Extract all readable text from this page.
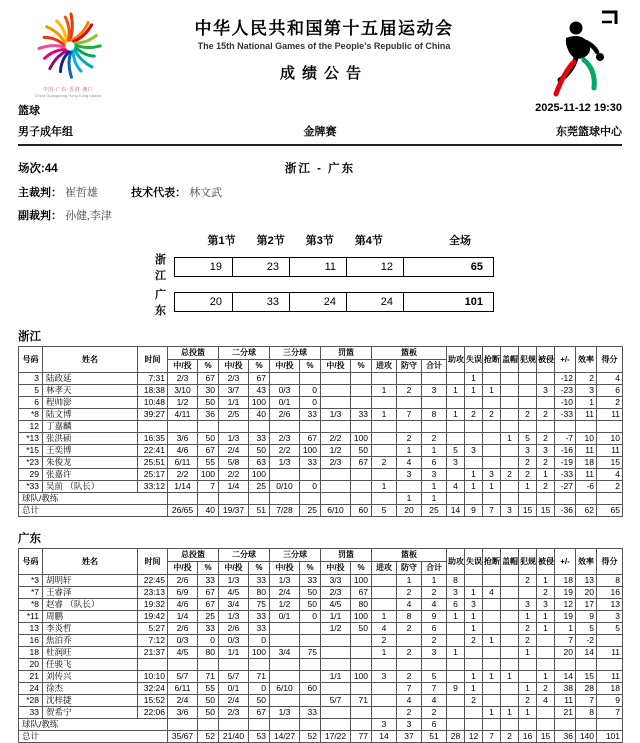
中国·广东·香港·澳门
China Guangdong Hong Kong Macao
中华人民共和国第十五届运动会
The 15th National Games of the People's Republic of China
成绩公告
篮球	2025-11-12 19:30
男子成年组	金牌赛	东莞篮球中心
场次:44	浙江 - 广东
主裁判： 崔哲雄	技术代表： 林文武
副裁判： 孙健,李津
第1节	第2节	第3节	第4节	全场
浙江
19	23	11	12	65
广东
20	33	24	24	101
浙江
号码	姓名	时间	总投篮		二分球		三分球		罚篮		篮板			助攻	失误	抢断	盖帽	犯规	被侵	+/-	效率	得分
			中/投	%	中/投	%	中/投	%	中/投	%	进攻	防守	合计									
3	陆政延	7:31	2/3	67	2/3	67									1					-12	2	4
5	林孝天	18:38	3/10	30	3/7	43	0/3	0			1	2	3	1	1	1			3	-23	3	6
6	程帅澎	10:48	1/2	50	1/1	100	0/1	0												-10	1	2
*8	陆文博	39:27	4/11	36	2/5	40	2/6	33	1/3	33	1	7	8	1	2	2		2	2	-33	11	11
12	丁嘉麟																					
*13	张洪硕	16:35	3/6	50	1/3	33	2/3	67	2/2	100		2	2				1	5	2	-7	10	10
*15	王奕博	22:41	4/6	67	2/4	50	2/2	100	1/2	50		1	1	5	3			3	3	-16	11	11
*23	朱俊龙	25:51	6/11	55	5/8	63	1/3	33	2/3	67	2	4	6	3				2	2	-19	18	15
29	张嘉许	25:17	2/2	100	2/2	100						3	3		1	3	2	2	1	-33	11	4
*33	吴前 （队长）	33:12	1/14	7	1/4	25	0/10	0			1		1	4	1	1		1	2	-27	-6	2
球队/教练												1	1									
总计			26/65	40	19/37	51	7/28	25	6/10	60	5	20	25	14	9	7	3	15	15	-36	62	65
广东
号码	姓名	时间	总投篮		二分球		三分球		罚篮		篮板			助攻	失误	抢断	盖帽	犯规	被侵	+/-	效率	得分
			中/投	%	中/投	%	中/投	%	中/投	%	进攻	防守	合计									
*3	胡明轩	22:45	2/6	33	1/3	33	1/3	33	3/3	100		1	1	8				2	1	18	13	8
*7	王睿泽	23:13	6/9	67	4/5	80	2/4	50	2/3	67		2	2	3	1	4			2	19	20	16
*8	赵睿 （队长）	19:32	4/6	67	3/4	75	1/2	50	4/5	80		4	4	6	3			3	3	12	17	13
*11	周鹏	19:42	1/4	25	1/3	33	0/1	0	1/1	100	1	8	9	1	1			1	1	19	9	3
13	李炎哲	5:27	2/6	33	2/6	33			1/2	50	4	2	6		1			2	1	1	5	5
16	焦泊乔	7:12	0/3	0	0/3	0					2		2		2	1		2		7	-2	
18	杜润旺	21:37	4/5	80	1/1	100	3/4	75			1	2	3	1				1		20	14	11
20	任骏飞																					
21	刘传兴	10:10	5/7	71	5/7	71			1/1	100	3	2	5		1	1	1		1	14	15	11
24	徐杰	32:24	6/11	55	0/1	0	6/10	60				7	7	9	1			1	2	38	28	18
*28	沈梓捷	15:52	2/4	50	2/4	50			5/7	71		4	4		2			2	4	11	7	9
33	贺希宁	22:06	3/6	50	2/3	67	1/3	33				2	2			1	1	1		21	8	7
球队/教练											3	3	6									
总计			35/67	52	21/40	53	14/27	52	17/22	77	14	37	51	28	12	7	2	16	15	36	140	101
